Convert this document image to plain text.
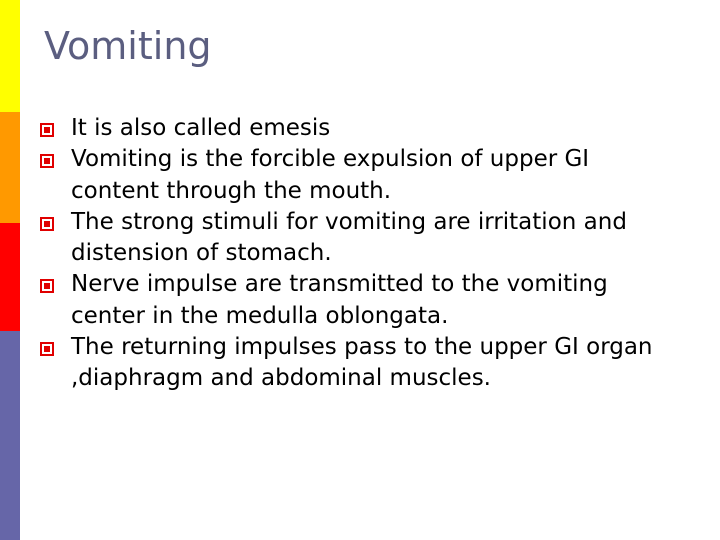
Vomiting
It is also called emesis
Vomiting is the forcible expulsion of upper GI content through the mouth.
The strong stimuli for vomiting are irritation and distension of stomach.
Nerve impulse are transmitted to the vomiting center in the medulla oblongata.
The returning impulses pass to the upper GI organ ,diaphragm and abdominal muscles.
